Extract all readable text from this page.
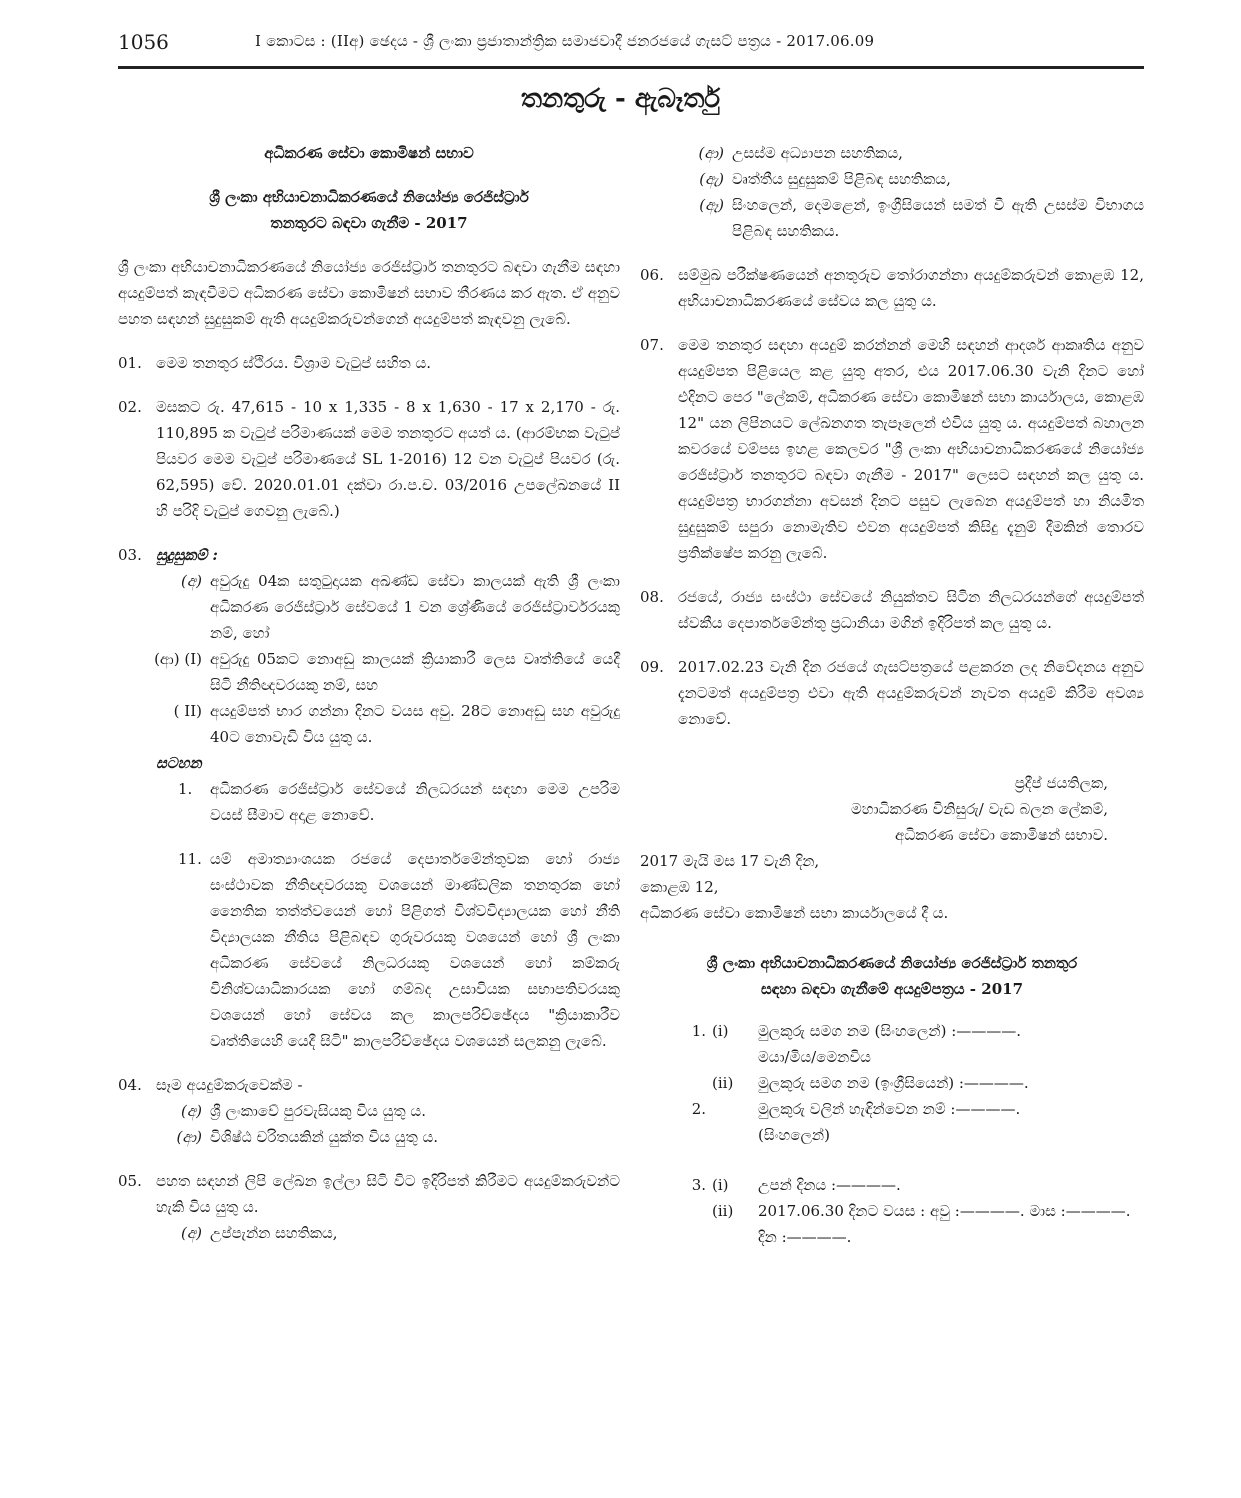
1056	I කොටස : (IIඅ) ඡෙදය - ශ්‍රී ලංකා ප්‍රජාතාන්ත්‍රික සමාජවාදී ජනරජයේ ගැසට් පත්‍රය - 2017.06.09
තනතුරු - ඇබෑර්තු
අධිකරණ සේවා කොමිෂන් සභාව
ශ්‍රී ලංකා අභියාචනාධිකරණයේ නියෝජ්‍ය රෙජිස්ට්‍රාර්
තනතුරට බඳවා ගැනීම - 2017

ශ්‍රී ලංකා අභියාචනාධිකරණයේ නියෝජ්‍ය රෙජිස්ට්‍රාර් තනතුරට බඳවා ගැනීම සඳහා අයදුම්පත් කැඳවීමට අධිකරණ සේවා කොමිෂන් සභාව තීරණය කර ඇත. ඒ අනුව පහත සඳහන් සුදුසුකම් ඇති අයදුම්කරුවන්ගෙන් අයදුම්පත් කැඳවනු ලැබේ.

01. මෙම තනතුර ස්ථිරය. විශ්‍රාම වැටුප් සහිත ය.
02. මසකට රු. 47,615 - 10 x 1,335 - 8 x 1,630 - 17 x 2,170 - රු. 110,895 ක වැටුප් පරිමාණයක් මෙම තනතුරට අයත් ය. (ආරම්භක වැටුප් පියවර මෙම වැටුප් පරිමාණයේ SL 1-2016) 12 වන වැටුප් පියවර (රු. 62,595) වේ. 2020.01.01 දක්වා රා.ප.ච. 03/2016 උපලේඛනයේ II හි පරිදි වැටුප් ගෙවනු ලැබේ.)
03. සුදුසුකම් :
(අ) අවුරුදු 04ක සතුටුදායක අඛණ්ඩ සේවා කාලයක් ඇති ශ්‍රී ලංකා අධිකරණ රෙජිස්ට්‍රාර් සේවයේ 1 වන ශ්‍රේණියේ රෙජිස්ට්‍රාර්වරයකු නම්, හෝ
(ආ) (I) අවුරුදු 05කට නොඅඩු කාලයක් ක්‍රියාකාරී ලෙස වෘත්තියේ යෙදී සිටි නීතිඥවරයකු නම්, සහ
( II) අයදුම්පත් භාර ගන්නා දිනට වයස අවු. 28ට නොඅඩු සහ අවුරුදු 40ට නොවැඩි විය යුතු ය.
සටහන
1.	අධිකරණ රෙජිස්ට්‍රාර් සේවයේ නිලධරයන් සඳහා මෙම උපරිම වයස් සීමාව අදාළ නොවේ.
11. යම් අමාත්‍යාංශයක රජයේ දෙපාර්තමේන්තුවක හෝ රාජ්‍ය සංස්ථාවක නීතිඥවරයකු වශයෙන් මාණ්ඩලික තනතුරක හෝ නෛතික තත්ත්වයෙන් හෝ පිළිගත් විශ්වවිද්‍යාලයක හෝ නීති විද්‍යාලයක නීතිය පිළිබඳව ගුරුවරයකු වශයෙන් හෝ ශ්‍රී ලංකා අධිකරණ සේවයේ නිලධරයකු වශයෙන් හෝ කම්කරු විනිශ්චයාධිකාරයක හෝ ගම්බද උසාවියක සභාපතිවරයකු වශයෙන් හෝ සේවය කල කාලපරිච්ඡේදය "ක්‍රියාකාරීව වෘත්තියෙහි යෙදී සිටි" කාලපරිච්ඡේදය වශයෙන් සලකනු ලැබේ.
04. සෑම අයදුම්කරුවෙක්ම -
(අ) ශ්‍රී ලංකාවේ පුරවැසියකු විය යුතු ය.
(ආ) විශිෂ්ඨ චරිතයකින් යුක්ත විය යුතු ය.
05. පහත සඳහන් ලිපි ලේඛන ඉල්ලා සිටි විට ඉදිරිපත් කිරීමට අයදුම්කරුවන්ට හැකි විය යුතු ය.
(අ) උප්පැන්න සහතිකය,
(ආ) උසස්ම අධ්‍යාපන සහතිකය,
(ඇ) වෘත්තීය සුදුසුකම් පිළිබඳ සහතිකය,
(ඈ) සිංහලෙන්, දෙමළෙන්, ඉංග්‍රීසියෙන් සමත් වී ඇති උසස්ම විභාගය පිළිබඳ සහතිකය.
06. සම්මුඛ පරීක්ෂණයෙන් අනතුරුව තෝරාගන්නා අයදුම්කරුවන් කොළඹ 12, අභියාචනාධිකරණයේ සේවය කල යුතු ය.
07. මෙම තනතුර සඳහා අයදුම් කරන්නන් මෙහි සඳහන් ආදර්ශ ආකෘතිය අනුව අයදුම්පත පිළියෙල කළ යුතු අතර, එය 2017.06.30 වැනි දිනට හෝ එදිනට පෙර "ලේකම්, අධිකරණ සේවා කොමිෂන් සභා කාර්යාලය, කොළඹ 12" යන ලිපිනයට ලේඛනගත තැපෑලෙන් එවිය යුතු ය. අයදුම්පත් බහාලන කවරයේ වම්පස ඉහළ කෙලවර "ශ්‍රී ලංකා අභියාචනාධිකරණයේ නියෝජ්‍ය රෙජිස්ට්‍රාර් තනතුරට බඳවා ගැනීම - 2017" ලෙසට සඳහන් කල යුතු ය. අයදුම්පත්‍ර භාරගන්නා අවසන් දිනට පසුව ලැබෙන අයදුම්පත් හා නියමිත සුදුසුකම් සපුරා නොමැතිව එවන අයදුම්පත් කිසිදු දැනුම් දීමකින් තොරව ප්‍රතික්ෂේප කරනු ලැබේ.
08. රජයේ, රාජ්‍ය සංස්ථා සේවයේ නියුක්තව සිටින නිලධරයන්ගේ අයදුම්පත් ස්වකීය දෙපාර්තමේන්තු ප්‍රධානියා මගින් ඉදිරිපත් කල යුතු ය.
09. 2017.02.23 වැනි දින රජයේ ගැසට්පත්‍රයේ පළකරන ලද නිවේදනය අනුව දැනටමත් අයදුම්පත්‍ර එවා ඇති අයදුම්කරුවන් නැවත අයදුම් කිරීම අවශ්‍ය නොවේ.
ප්‍රදීප් ජයතිලක,
මහාධිකරණ විනිසුරු/ වැඩ බලන ලේකම්,
අධිකරණ සේවා කොමිෂන් සභාව.
2017 මැයි මස 17 වැනි දින,
කොළඹ 12,
අධිකරණ සේවා කොමිෂන් සභා කාර්යාලයේ දී ය.
ශ්‍රී ලංකා අභියාචනාධිකරණයේ නියෝජ්‍ය රෙජිස්ට්‍රාර් තනතුර
සඳහා බඳවා ගැනීමේ අයදුම්පත්‍රය - 2017
1. (i)	මුලකුරු සමග නම (සිංහලෙන්) :————.
මයා/මිය/මෙනවිය
(ii)	මුලකුරු සමග නම (ඉංග්‍රීසියෙන්) :————.
2.	මුලකුරු වලින් හැඳින්වෙන නම් :————.
(සිංහලෙන්)
3. (i)	උපන් දිනය :————.
(ii)	2017.06.30 දිනට වයස : අවු :————. මාස :————.
දින :————.
